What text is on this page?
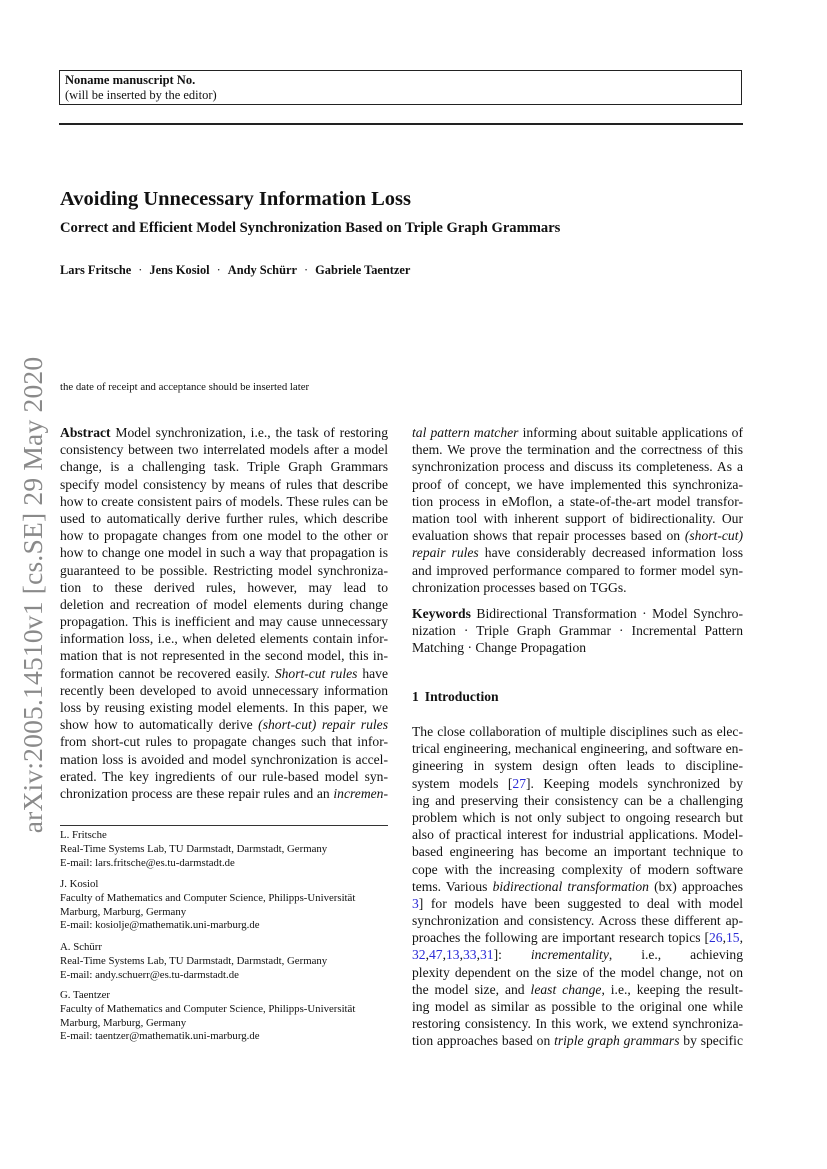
Noname manuscript No.
(will be inserted by the editor)
Avoiding Unnecessary Information Loss
Correct and Efficient Model Synchronization Based on Triple Graph Grammars
Lars Fritsche · Jens Kosiol · Andy Schürr · Gabriele Taentzer
the date of receipt and acceptance should be inserted later
arXiv:2005.14510v1 [cs.SE] 29 May 2020 Abstract Model synchronization, i.e., the task of restoring
consistency between two interrelated models after a model
change, is a challenging task. Triple Graph Grammars
specify model consistency by means of rules that describe
how to create consistent pairs of models. These rules can be
used to automatically derive further rules, which describe
how to propagate changes from one model to the other or
how to change one model in such a way that propagation is
guaranteed to be possible. Restricting model synchroniza-
tion to these derived rules, however, may lead to
deletion and recreation of model elements during change
propagation. This is inefficient and may cause unnecessary
information loss, i.e., when deleted elements contain infor-
mation that is not represented in the second model, this in-
formation cannot be recovered easily. Short-cut rules have
recently been developed to avoid unnecessary information
loss by reusing existing model elements. In this paper, we
show how to automatically derive (short-cut) repair rules
from short-cut rules to propagate changes such that infor-
mation loss is avoided and model synchronization is accel-
erated. The key ingredients of our rule-based model syn-
chronization process are these repair rules and an incremen-
tal pattern matcher informing about suitable applications of
them. We prove the termination and the correctness of this
synchronization process and discuss its completeness. As a
proof of concept, we have implemented this synchroniza-
tion process in eMoflon, a state-of-the-art model transfor-
mation tool with inherent support of bidirectionality. Our
evaluation shows that repair processes based on (short-cut)
repair rules have considerably decreased information loss
and improved performance compared to former model syn-
chronization processes based on TGGs.
Keywords Bidirectional Transformation · Model Synchro-
nization · Triple Graph Grammar · Incremental Pattern
Matching · Change Propagation
1 Introduction
The close collaboration of multiple disciplines such as elec-
trical engineering, mechanical engineering, and software en-
gineering in system design often leads to discipline-
system models [27]. Keeping models synchronized by
ing and preserving their consistency can be a challenging
problem which is not only subject to ongoing research but
also of practical interest for industrial applications. Model-
based engineering has become an important technique to
cope with the increasing complexity of modern software
tems. Various bidirectional transformation (bx) approaches
3] for models have been suggested to deal with model
synchronization and consistency. Across these different ap-
proaches the following are important research topics [26,15,
32,47,13,33,31]: incrementality, i.e., achieving
plexity dependent on the size of the model change, not on
the model size, and least change, i.e., keeping the result-
ing model as similar as possible to the original one while
restoring consistency. In this work, we extend synchroniza-
tion approaches based on triple graph grammars by specific
L. Fritsche
Real-Time Systems Lab, TU Darmstadt, Darmstadt, Germany
E-mail: lars.fritsche@es.tu-darmstadt.de
J. Kosiol
Faculty of Mathematics and Computer Science, Philipps-Universität
Marburg, Marburg, Germany
E-mail: kosiolje@mathematik.uni-marburg.de
A. Schürr
Real-Time Systems Lab, TU Darmstadt, Darmstadt, Germany
E-mail: andy.schuerr@es.tu-darmstadt.de
G. Taentzer
Faculty of Mathematics and Computer Science, Philipps-Universität
Marburg, Marburg, Germany
E-mail: taentzer@mathematik.uni-marburg.de
